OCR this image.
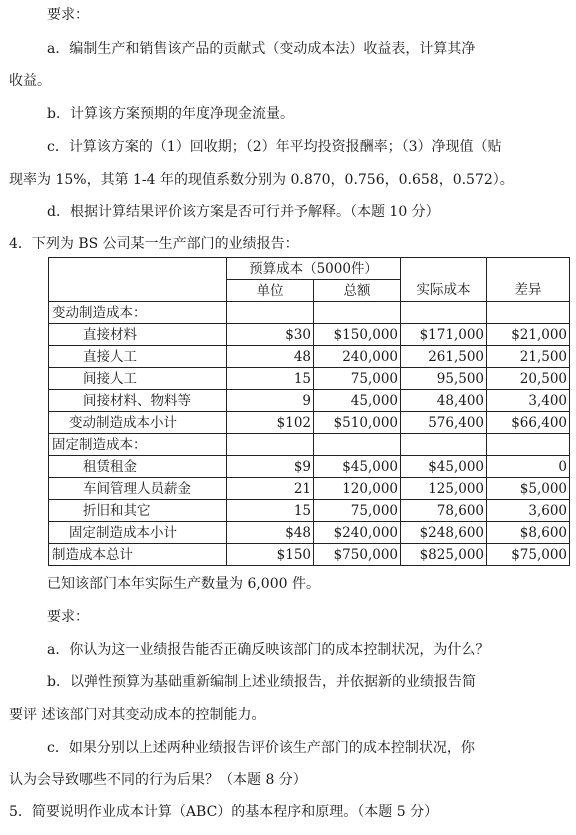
要求：
a．编制生产和销售该产品的贡献式（变动成本法）收益表，计算其净
收益。
b．计算该方案预期的年度净现金流量。
c．计算该方案的（1）回收期；（2）年平均投资报酬率；（3）净现值（贴
现率为 15%，其第 1-4 年的现值系数分别为 0.870，0.756，0.658，0.572）。
d．根据计算结果评价该方案是否可行并予解释。（本题 10 分）
4．下列为 BS 公司某一生产部门的业绩报告：
	预算成本（5000件）			
	单位	总额	实际成本	差异
变动制造成本：				
直接材料	$30	$150,000	$171,000	$21,000
直接人工	48	240,000	261,500	21,500
间接人工	15	75,000	95,500	20,500
间接材料、物料等	9	45,000	48,400	3,400
变动制造成本小计	$102	$510,000	576,400	$66,400
固定制造成本：				
租赁租金	$9	$45,000	$45,000	0
车间管理人员薪金	21	120,000	125,000	$5,000
折旧和其它	15	75,000	78,600	3,600
固定制造成本小计	$48	$240,000	$248,600	$8,600
制造成本总计	$150	$750,000	$825,000	$75,000
已知该部门本年实际生产数量为 6,000 件。
要求：
a．你认为这一业绩报告能否正确反映该部门的成本控制状况，为什么？
b．以弹性预算为基础重新编制上述业绩报告，并依据新的业绩报告简
要评 述该部门对其变动成本的控制能力。
c．如果分别以上述两种业绩报告评价该生产部门的成本控制状况，你
认为会导致哪些不同的行为后果？（本题 8 分）
5．简要说明作业成本计算（ABC）的基本程序和原理。（本题 5 分）
